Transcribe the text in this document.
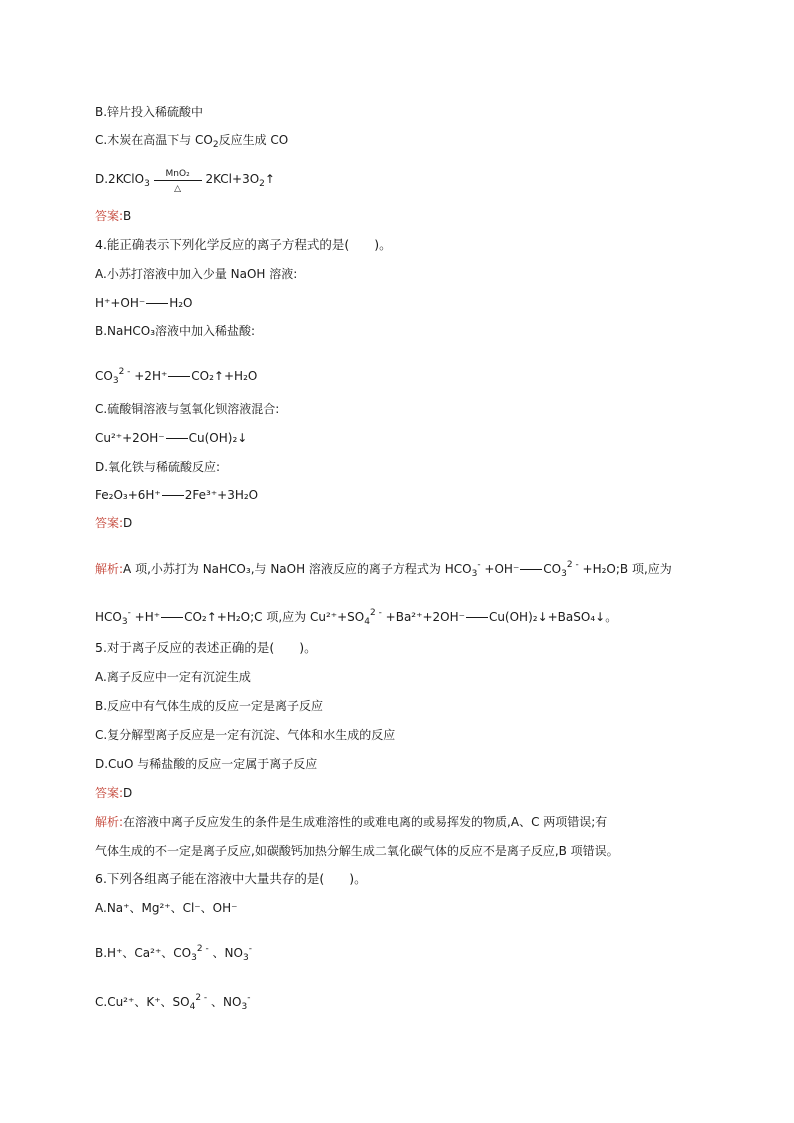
B.锌片投入稀硫酸中
C.木炭在高温下与 $CO_2$反应生成 CO
D.2KClO$_3$
MnO₂
△
$2KCl+3O_2↑$
答案:B
4.能正确表示下列化学反应的离子方程式的是(　　)。
A.小苏打溶液中加入少量 NaOH 溶液:
H⁺+OH⁻ H₂O
B.NaHCO₃溶液中加入稀盐酸:
$CO_3^{2 -} +2H^+$ CO₂↑+H₂O
C.硫酸铜溶液与氢氧化钡溶液混合:
Cu²⁺+2OH⁻ Cu(OH)₂↓
D.氧化铁与稀硫酸反应:
Fe₂O₃+6H⁺ 2Fe³⁺+3H₂O
答案:D
解析:A 项,小苏打为 NaHCO₃,与 NaOH 溶液反应的离子方程式为 $HCO_3^- +OH^-$ $CO_3^{2 -}$ +H₂O;B 项,应为
$HCO_3^- +H^+$ CO₂↑+H₂O;C 项,应为 $Cu^{2+}+SO_4^{2 -} +Ba^{2+}+2OH^-$ Cu(OH)₂↓+BaSO₄↓。
5.对于离子反应的表述正确的是(　　)。
A.离子反应中一定有沉淀生成
B.反应中有气体生成的反应一定是离子反应
C.复分解型离子反应是一定有沉淀、气体和水生成的反应
D.CuO 与稀盐酸的反应一定属于离子反应
答案:D
解析:在溶液中离子反应发生的条件是生成难溶性的或难电离的或易挥发的物质,A、C 两项错误;有
气体生成的不一定是离子反应,如碳酸钙加热分解生成二氧化碳气体的反应不是离子反应,B 项错误。
6.下列各组离子能在溶液中大量共存的是(　　)。
A.Na⁺、Mg²⁺、Cl⁻、OH⁻
B.H⁺、Ca²⁺、$CO_3^{2 -}$ 、$NO_3^-$
C.Cu²⁺、K⁺、$SO_4^{2 -}$ 、$NO_3^-$
